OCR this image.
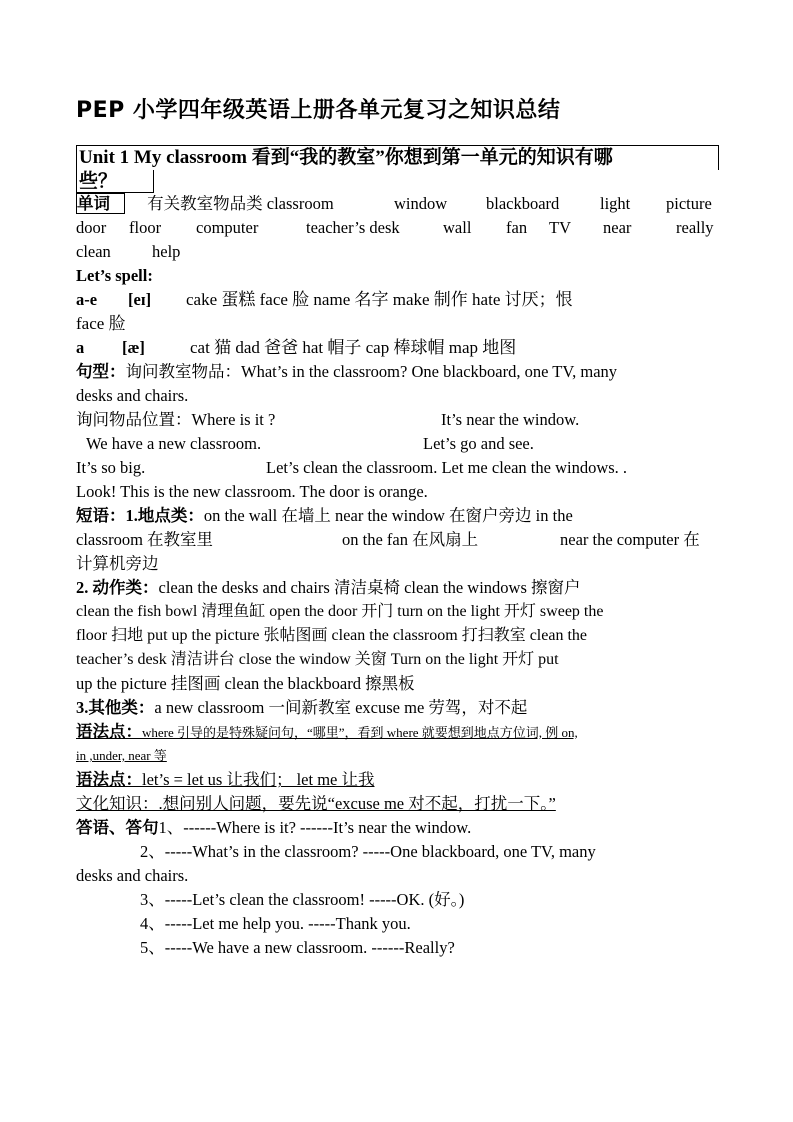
PEP 小学四年级英语上册各单元复习之知识总结
Unit 1 My classroom 看到“我的教室”你想到第一单元的知识有哪
些？
单词 有关教室物品类 classroom	window blackboard light picture
door floor computer	teacher’s desk	wall fan TV near	really
clean help
Let’s spell:
a-e [eɪ] cake 蛋糕 face 脸 name 名字 make 制作 hate 讨厌；恨
face 脸
a [æ]	cat 猫 dad 爸爸 hat 帽子 cap 棒球帽 map 地图
句型：询问教室物品：What’s in the classroom? One blackboard, one TV, many
desks and chairs.
询问物品位置：Where is it ?	It’s near the window.
We have a new classroom.	Let’s go and see.
It’s so big.	Let’s clean the classroom. Let me clean the windows. .
Look! This is the new classroom. The door is orange.
短语：1.地点类：on the wall 在墙上 near the window 在窗户旁边 in the
classroom 在教室里	on the fan 在风扇上	near the computer 在
计算机旁边
2. 动作类：clean the desks and chairs 清洁桌椅 clean the windows 擦窗户
clean the fish bowl 清理鱼缸 open the door 开门 turn on the light 开灯 sweep the
floor 扫地 put up the picture 张帖图画 clean the classroom 打扫教室 clean the
teacher’s desk 清洁讲台 close the window 关窗 Turn on the light 开灯 put
up the picture 挂图画 clean the blackboard 擦黑板
3.其他类：a new classroom 一间新教室 excuse me 劳驾，对不起
语法点：where 引导的是特殊疑问句，“哪里”，看到 where 就要想到地点方位词, 例 on,
in ,under, near 等
语法点：let’s = let us 让我们； let me 让我
文化知识：.想问别人问题，要先说“excuse me 对不起，打扰一下。”
答语、答句1、------Where is it? ------It’s near the window.
2、-----What’s in the classroom? -----One blackboard, one TV, many
desks and chairs.
3、-----Let’s clean the classroom! -----OK. (好。)
4、-----Let me help you. -----Thank you.
5、-----We have a new classroom. ------Really?
